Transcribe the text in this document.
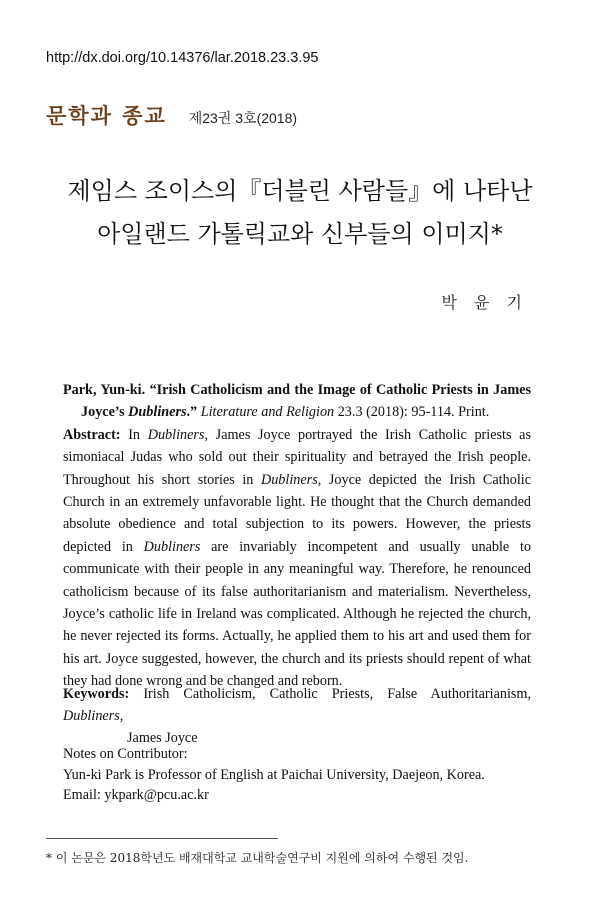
http://dx.doi.org/10.14376/lar.2018.23.3.95
문학과 종교 제23권 3호(2018)
제임스 조이스의『더블린 사람들』에 나타난
아일랜드 가톨릭교와 신부들의 이미지*
박 윤 기
Park, Yun-ki. “Irish Catholicism and the Image of Catholic Priests in James
Joyce’s Dubliners.” Literature and Religion 23.3 (2018): 95-114. Print.
Abstract: In Dubliners, James Joyce portrayed the Irish Catholic priests as simoniacal Judas who sold out their spirituality and betrayed the Irish people. Throughout his short stories in Dubliners, Joyce depicted the Irish Catholic Church in an extremely unfavorable light. He thought that the Church demanded absolute obedience and total subjection to its powers. However, the priests depicted in Dubliners are invariably incompetent and usually unable to communicate with their people in any meaningful way. Therefore, he renounced catholicism because of its false authoritarianism and materialism. Nevertheless, Joyce’s catholic life in Ireland was complicated. Although he rejected the church, he never rejected its forms. Actually, he applied them to his art and used them for his art. Joyce suggested, however, the church and its priests should repent of what they had done wrong and be changed and reborn.
Keywords: Irish Catholicism, Catholic Priests, False Authoritarianism, Dubliners,
James Joyce
Notes on Contributor:
Yun-ki Park is Professor of English at Paichai University, Daejeon, Korea.
Email: ykpark@pcu.ac.kr
* 이 논문은 2018학년도 배재대학교 교내학술연구비 지원에 의하여 수행된 것임.
